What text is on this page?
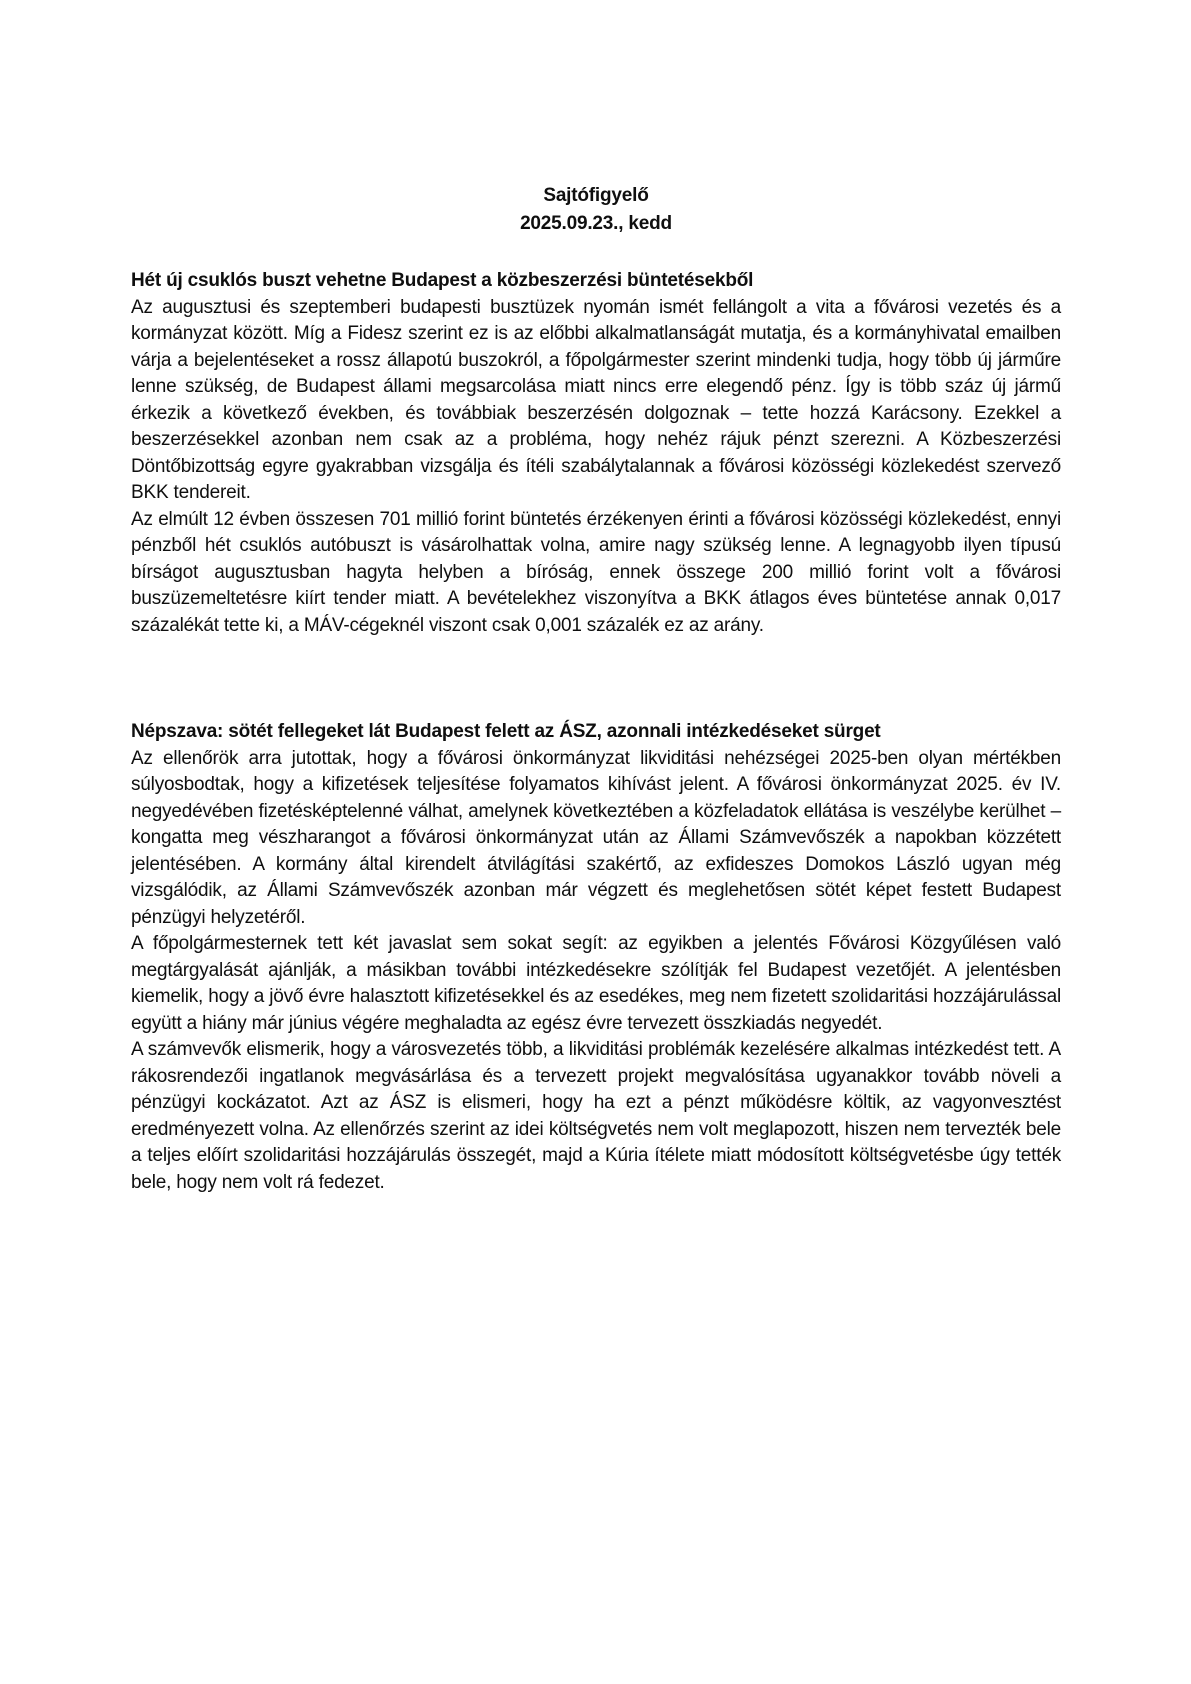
Sajtófigyelő
2025.09.23., kedd
Hét új csuklós buszt vehetne Budapest a közbeszerzési büntetésekből

Az augusztusi és szeptemberi budapesti busztüzek nyomán ismét fellángolt a vita a fővárosi vezetés és a kormányzat között. Míg a Fidesz szerint ez is az előbbi alkalmatlanságát mutatja, és a kormányhivatal emailben várja a bejelentéseket a rossz állapotú buszokról, a főpolgármester szerint mindenki tudja, hogy több új járműre lenne szükség, de Budapest állami megsarcolása miatt nincs erre elegendő pénz. Így is több száz új jármű érkezik a következő években, és továbbiak beszerzésén dolgoznak – tette hozzá Karácsony. Ezekkel a beszerzésekkel azonban nem csak az a probléma, hogy nehéz rájuk pénzt szerezni. A Közbeszerzési Döntőbizottság egyre gyakrabban vizsgálja és ítéli szabálytalannak a fővárosi közösségi közlekedést szervező BKK tendereit.

Az elmúlt 12 évben összesen 701 millió forint büntetés érzékenyen érinti a fővárosi közösségi közlekedést, ennyi pénzből hét csuklós autóbuszt is vásárolhattak volna, amire nagy szükség lenne. A legnagyobb ilyen típusú bírságot augusztusban hagyta helyben a bíróság, ennek összege 200 millió forint volt a fővárosi buszüzemeltetésre kiírt tender miatt. A bevételekhez viszonyítva a BKK átlagos éves büntetése annak 0,017 százalékát tette ki, a MÁV-cégeknél viszont csak 0,001 százalék ez az arány.

Népszava: sötét fellegeket lát Budapest felett az ÁSZ, azonnali intézkedéseket sürget

Az ellenőrök arra jutottak, hogy a fővárosi önkormányzat likviditási nehézségei 2025-ben olyan mértékben súlyosbodtak, hogy a kifizetések teljesítése folyamatos kihívást jelent. A fővárosi önkormányzat 2025. év IV. negyedévében fizetésképtelenné válhat, amelynek következtében a közfeladatok ellátása is veszélybe kerülhet – kongatta meg vészharangot a fővárosi önkormányzat után az Állami Számvevőszék a napokban közzétett jelentésében. A kormány által kirendelt átvilágítási szakértő, az exfideszes Domokos László ugyan még vizsgálódik, az Állami Számvevőszék azonban már végzett és meglehetősen sötét képet festett Budapest pénzügyi helyzetéről.

A főpolgármesternek tett két javaslat sem sokat segít: az egyikben a jelentés Fővárosi Közgyűlésen való megtárgyalását ajánlják, a másikban további intézkedésekre szólítják fel Budapest vezetőjét. A jelentésben kiemelik, hogy a jövő évre halasztott kifizetésekkel és az esedékes, meg nem fizetett szolidaritási hozzájárulással együtt a hiány már június végére meghaladta az egész évre tervezett összkiadás negyedét.

A számvevők elismerik, hogy a városvezetés több, a likviditási problémák kezelésére alkalmas intézkedést tett. A rákosrendezői ingatlanok megvásárlása és a tervezett projekt megvalósítása ugyanakkor tovább növeli a pénzügyi kockázatot. Azt az ÁSZ is elismeri, hogy ha ezt a pénzt működésre költik, az vagyonvesztést eredményezett volna. Az ellenőrzés szerint az idei költségvetés nem volt meglapozott, hiszen nem tervezték bele a teljes előírt szolidaritási hozzájárulás összegét, majd a Kúria ítélete miatt módosított költségvetésbe úgy tették bele, hogy nem volt rá fedezet.
